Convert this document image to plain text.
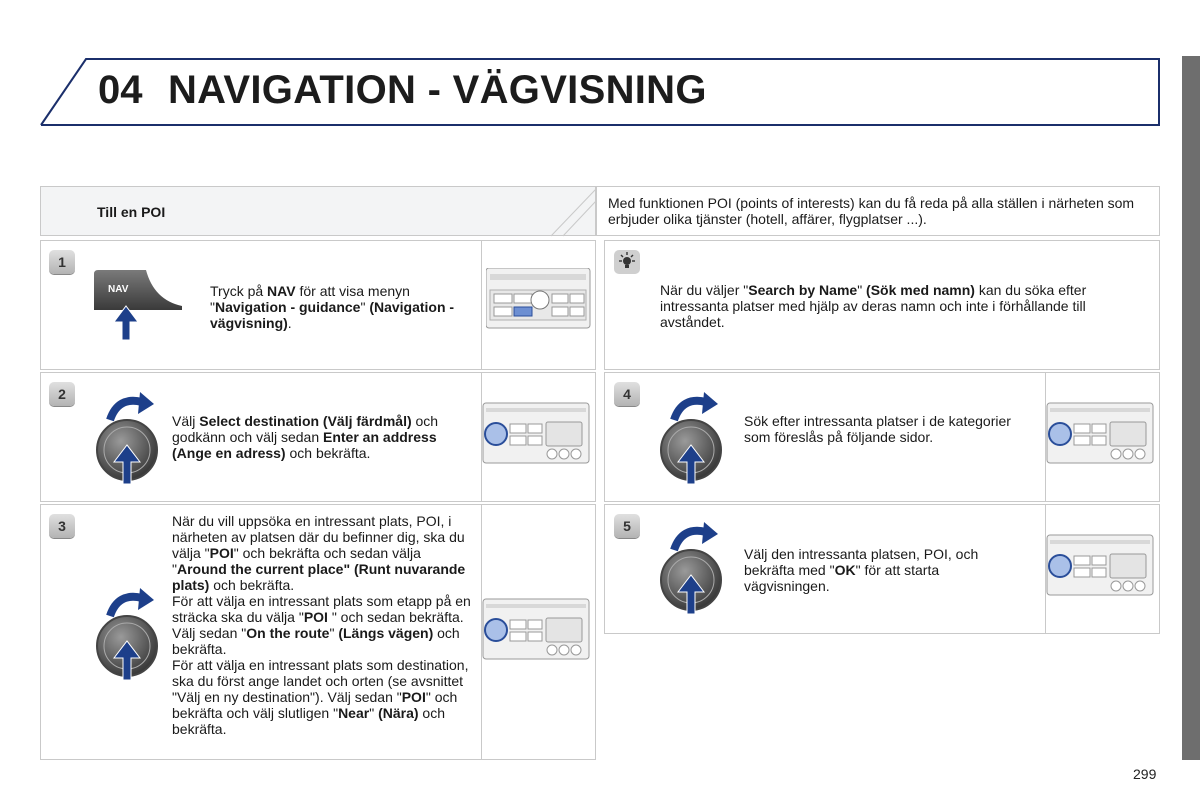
04 NAVIGATION - VÄGVISNING
Till en POI
Med funktionen POI (points of interests) kan du få reda på alla ställen i närheten som erbjuder olika tjänster (hotell, affärer, flygplatser ...).
1
2
3
4
5
NAV	Tryck på NAV för att visa menyn "Navigation - guidance" (Navigation - vägvisning).
Välj Select destination (Välj färdmål) och godkänn och välj sedan Enter an address (Ange en adress) och bekräfta.
När du vill uppsöka en intressant plats, POI, i närheten av platsen där du befinner dig, ska du välja "POI" och bekräfta och sedan välja "Around the current place" (Runt nuvarande plats) och bekräfta.
För att välja en intressant plats som etapp på en sträcka ska du välja "POI " och sedan bekräfta. Välj sedan "On the route" (Längs vägen) och bekräfta.
För att välja en intressant plats som destination, ska du först ange landet och orten (se avsnittet "Välj en ny destination"). Välj sedan "POI" och bekräfta och välj slutligen "Near" (Nära) och bekräfta.
När du väljer "Search by Name" (Sök med namn) kan du söka efter intressanta platser med hjälp av deras namn och inte i förhållande till avståndet.
Sök efter intressanta platser i de kategorier som föreslås på följande sidor.
Välj den intressanta platsen, POI, och bekräfta med "OK" för att starta vägvisningen.
299
